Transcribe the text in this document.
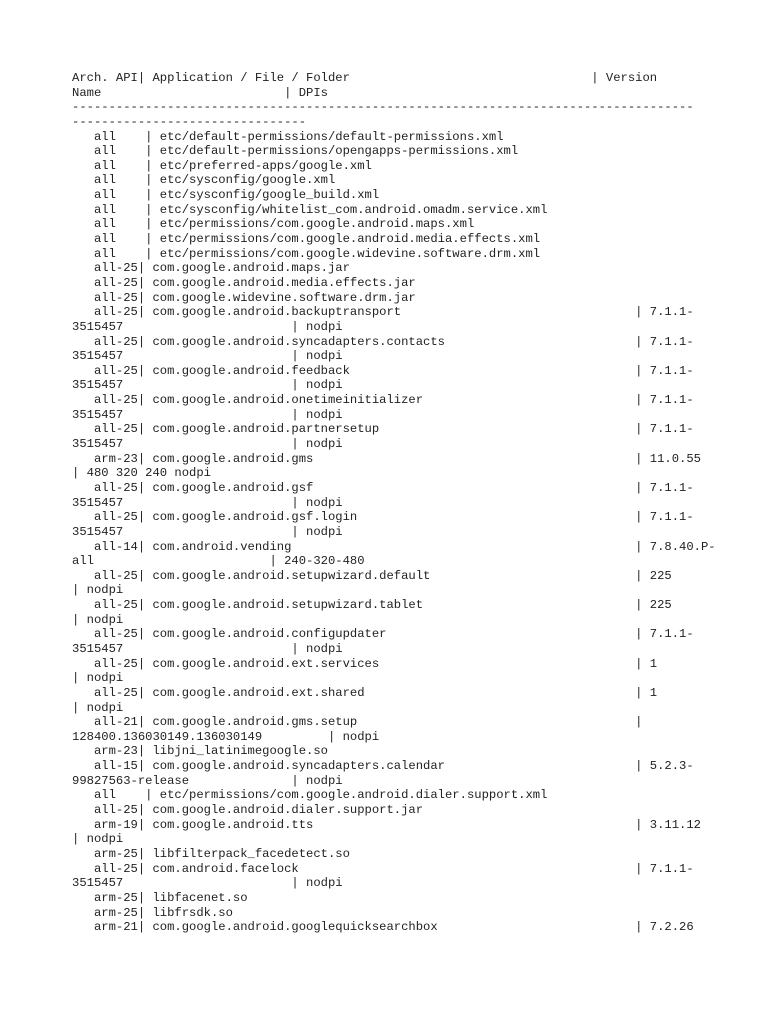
Arch. API| Application / File / Folder                                 | Version
Name                         | DPIs
-------------------------------------------------------------------------------------
--------------------------------
all    | etc/default-permissions/default-permissions.xml
all    | etc/default-permissions/opengapps-permissions.xml
all    | etc/preferred-apps/google.xml
all    | etc/sysconfig/google.xml
all    | etc/sysconfig/google_build.xml
all    | etc/sysconfig/whitelist_com.android.omadm.service.xml
all    | etc/permissions/com.google.android.maps.xml
all    | etc/permissions/com.google.android.media.effects.xml
all    | etc/permissions/com.google.widevine.software.drm.xml
all-25| com.google.android.maps.jar
all-25| com.google.android.media.effects.jar
all-25| com.google.widevine.software.drm.jar
all-25| com.google.android.backuptransport                                | 7.1.1-
3515457                       | nodpi
all-25| com.google.android.syncadapters.contacts                          | 7.1.1-
3515457                       | nodpi
all-25| com.google.android.feedback                                       | 7.1.1-
3515457                       | nodpi
all-25| com.google.android.onetimeinitializer                             | 7.1.1-
3515457                       | nodpi
all-25| com.google.android.partnersetup                                   | 7.1.1-
3515457                       | nodpi
arm-23| com.google.android.gms                                            | 11.0.55
| 480 320 240 nodpi
all-25| com.google.android.gsf                                            | 7.1.1-
3515457                       | nodpi
all-25| com.google.android.gsf.login                                      | 7.1.1-
3515457                       | nodpi
all-14| com.android.vending                                               | 7.8.40.P-
all                        | 240-320-480
all-25| com.google.android.setupwizard.default                            | 225
| nodpi
all-25| com.google.android.setupwizard.tablet                             | 225
| nodpi
all-25| com.google.android.configupdater                                  | 7.1.1-
3515457                       | nodpi
all-25| com.google.android.ext.services                                   | 1
| nodpi
all-25| com.google.android.ext.shared                                     | 1
| nodpi
all-21| com.google.android.gms.setup                                      |
128400.136030149.136030149         | nodpi
arm-23| libjni_latinimegoogle.so
all-15| com.google.android.syncadapters.calendar                          | 5.2.3-
99827563-release              | nodpi
all    | etc/permissions/com.google.android.dialer.support.xml
all-25| com.google.android.dialer.support.jar
arm-19| com.google.android.tts                                            | 3.11.12
| nodpi
arm-25| libfilterpack_facedetect.so
all-25| com.android.facelock                                              | 7.1.1-
3515457                       | nodpi
arm-25| libfacenet.so
arm-25| libfrsdk.so
arm-21| com.google.android.googlequicksearchbox                           | 7.2.26
